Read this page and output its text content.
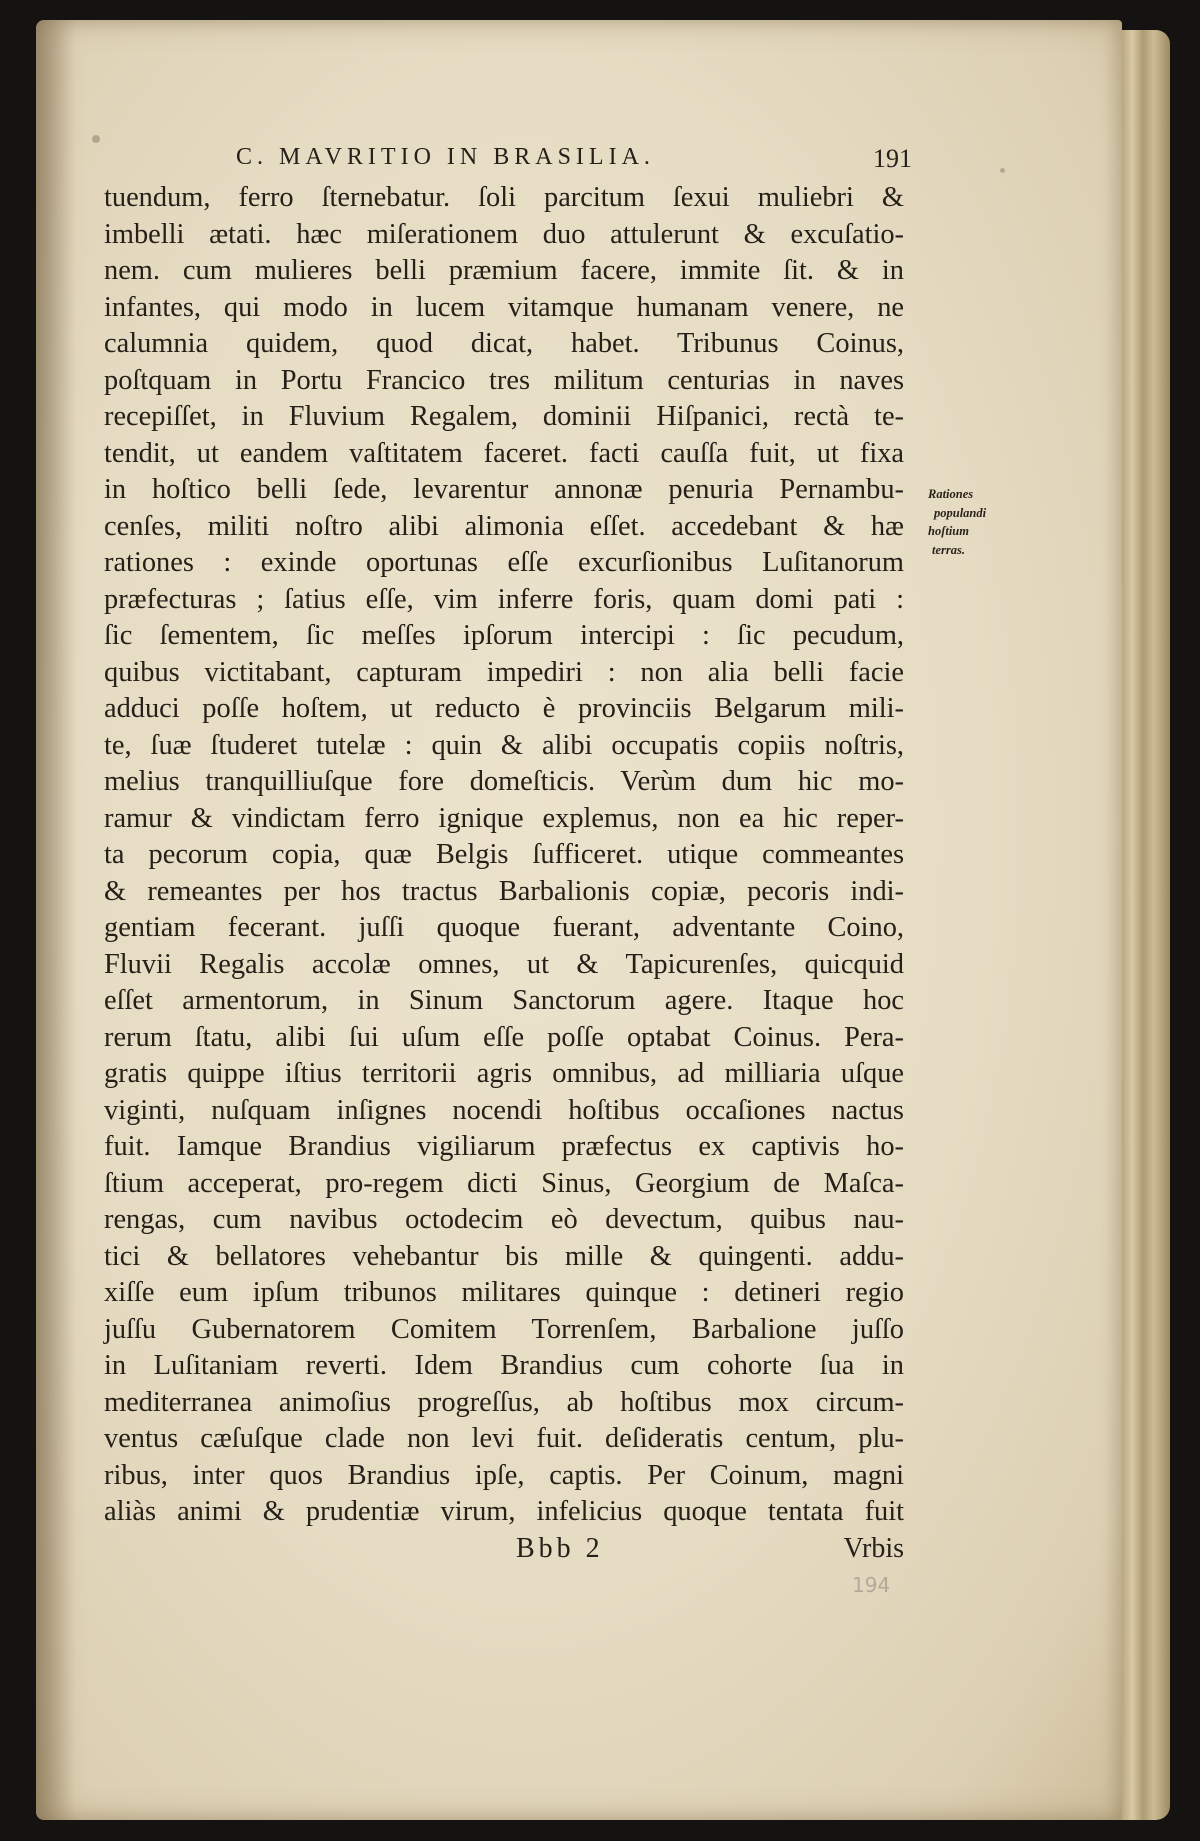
C. MAVRITIO IN BRASILIA.	191
tuendum, ferro ſternebatur. ſoli parcitum ſexui muliebri &
imbelli ætati. hæc miſerationem duo attulerunt & excuſatio-
nem. cum mulieres belli præmium facere, immite ſit. & in
infantes, qui modo in lucem vitamque humanam venere, ne
calumnia quidem, quod dicat, habet. Tribunus Coinus,
poſtquam in Portu Francico tres militum centurias in naves
recepiſſet, in Fluvium Regalem, dominii Hiſpanici, rectà te-
tendit, ut eandem vaſtitatem faceret. facti cauſſa fuit, ut fixa
in hoſtico belli ſede, levarentur annonæ penuria Pernambu-
cenſes, militi noſtro alibi alimonia eſſet. accedebant & hæ
rationes : exinde oportunas eſſe excurſionibus Luſitanorum
præfecturas ; ſatius eſſe, vim inferre foris, quam domi pati :
ſic ſementem, ſic meſſes ipſorum intercipi : ſic pecudum,
quibus victitabant, capturam impediri : non alia belli facie
adduci poſſe hoſtem, ut reducto è provinciis Belgarum mili-
te, ſuæ ſtuderet tutelæ : quin & alibi occupatis copiis noſtris,
melius tranquilliuſque fore domeſticis. Verùm dum hic mo-
ramur & vindictam ferro ignique explemus, non ea hic reper-
ta pecorum copia, quæ Belgis ſufficeret. utique commeantes
& remeantes per hos tractus Barbalionis copiæ, pecoris indi-
gentiam fecerant. juſſi quoque fuerant, adventante Coino,
Fluvii Regalis accolæ omnes, ut & Tapicurenſes, quicquid
eſſet armentorum, in Sinum Sanctorum agere. Itaque hoc
rerum ſtatu, alibi ſui uſum eſſe poſſe optabat Coinus. Pera-
gratis quippe iſtius territorii agris omnibus, ad milliaria uſque
viginti, nuſquam inſignes nocendi hoſtibus occaſiones nactus
fuit. Iamque Brandius vigiliarum præfectus ex captivis ho-
ſtium acceperat, pro-regem dicti Sinus, Georgium de Maſca-
rengas, cum navibus octodecim eò devectum, quibus nau-
tici & bellatores vehebantur bis mille & quingenti. addu-
xiſſe eum ipſum tribunos militares quinque : detineri regio
juſſu Gubernatorem Comitem Torrenſem, Barbalione juſſo
in Luſitaniam reverti. Idem Brandius cum cohorte ſua in
mediterranea animoſius progreſſus, ab hoſtibus mox circum-
ventus cæſuſque clade non levi fuit. deſideratis centum, plu-
ribus, inter quos Brandius ipſe, captis. Per Coinum, magni
aliàs animi & prudentiæ virum, infelicius quoque tentata fuit
Bbb 2	Vrbis
Rationes
populandi
hoſtium
terras.
194
